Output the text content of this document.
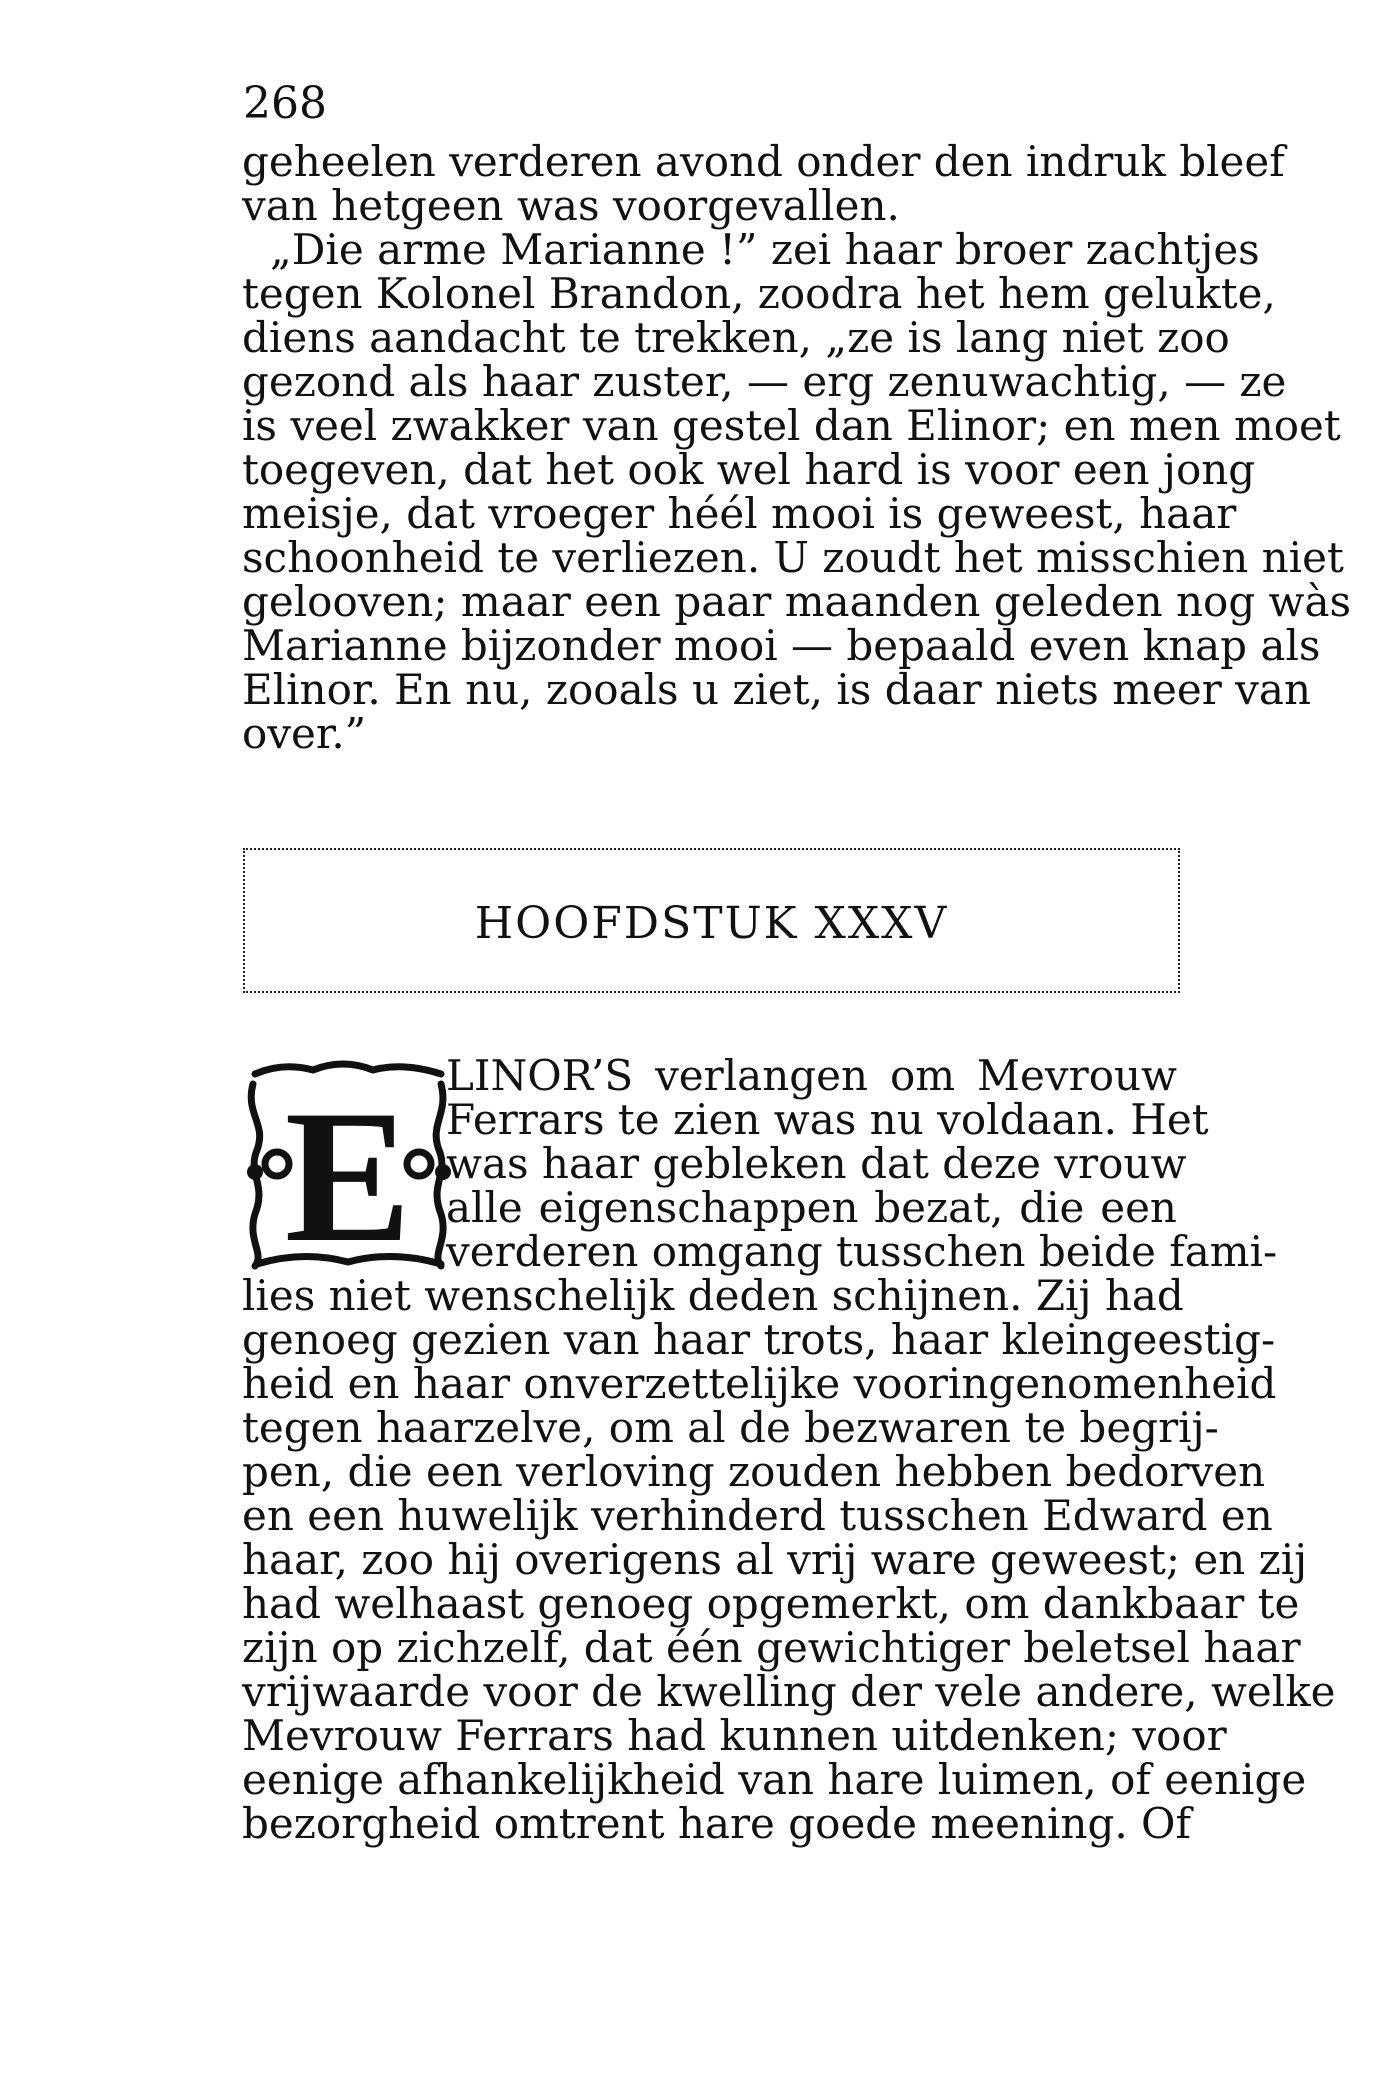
268
geheelen verderen avond onder den indruk bleef
van hetgeen was voorgevallen.
„Die arme Marianne !” zei haar broer zachtjes
tegen Kolonel Brandon, zoodra het hem gelukte,
diens aandacht te trekken, „ze is lang niet zoo
gezond als haar zuster, — erg zenuwachtig, — ze
is veel zwakker van gestel dan Elinor; en men moet
toegeven, dat het ook wel hard is voor een jong
meisje, dat vroeger héél mooi is geweest, haar
schoonheid te verliezen. U zoudt het misschien niet
gelooven; maar een paar maanden geleden nog wàs
Marianne bijzonder mooi — bepaald even knap als
Elinor. En nu, zooals u ziet, is daar niets meer van
over.”
HOOFDSTUK XXXV
E LINOR’S verlangen om Mevrouw
Ferrars te zien was nu voldaan. Het
was haar gebleken dat deze vrouw
alle eigenschappen bezat, die een
verderen omgang tusschen beide fami-
lies niet wenschelijk deden schijnen. Zij had
genoeg gezien van haar trots, haar kleingeestig-
heid en haar onverzettelijke vooringenomenheid
tegen haarzelve, om al de bezwaren te begrij-
pen, die een verloving zouden hebben bedorven
en een huwelijk verhinderd tusschen Edward en
haar, zoo hij overigens al vrij ware geweest; en zij
had welhaast genoeg opgemerkt, om dankbaar te
zijn op zichzelf, dat één gewichtiger beletsel haar
vrijwaarde voor de kwelling der vele andere, welke
Mevrouw Ferrars had kunnen uitdenken; voor
eenige afhankelijkheid van hare luimen, of eenige
bezorgheid omtrent hare goede meening. Of
